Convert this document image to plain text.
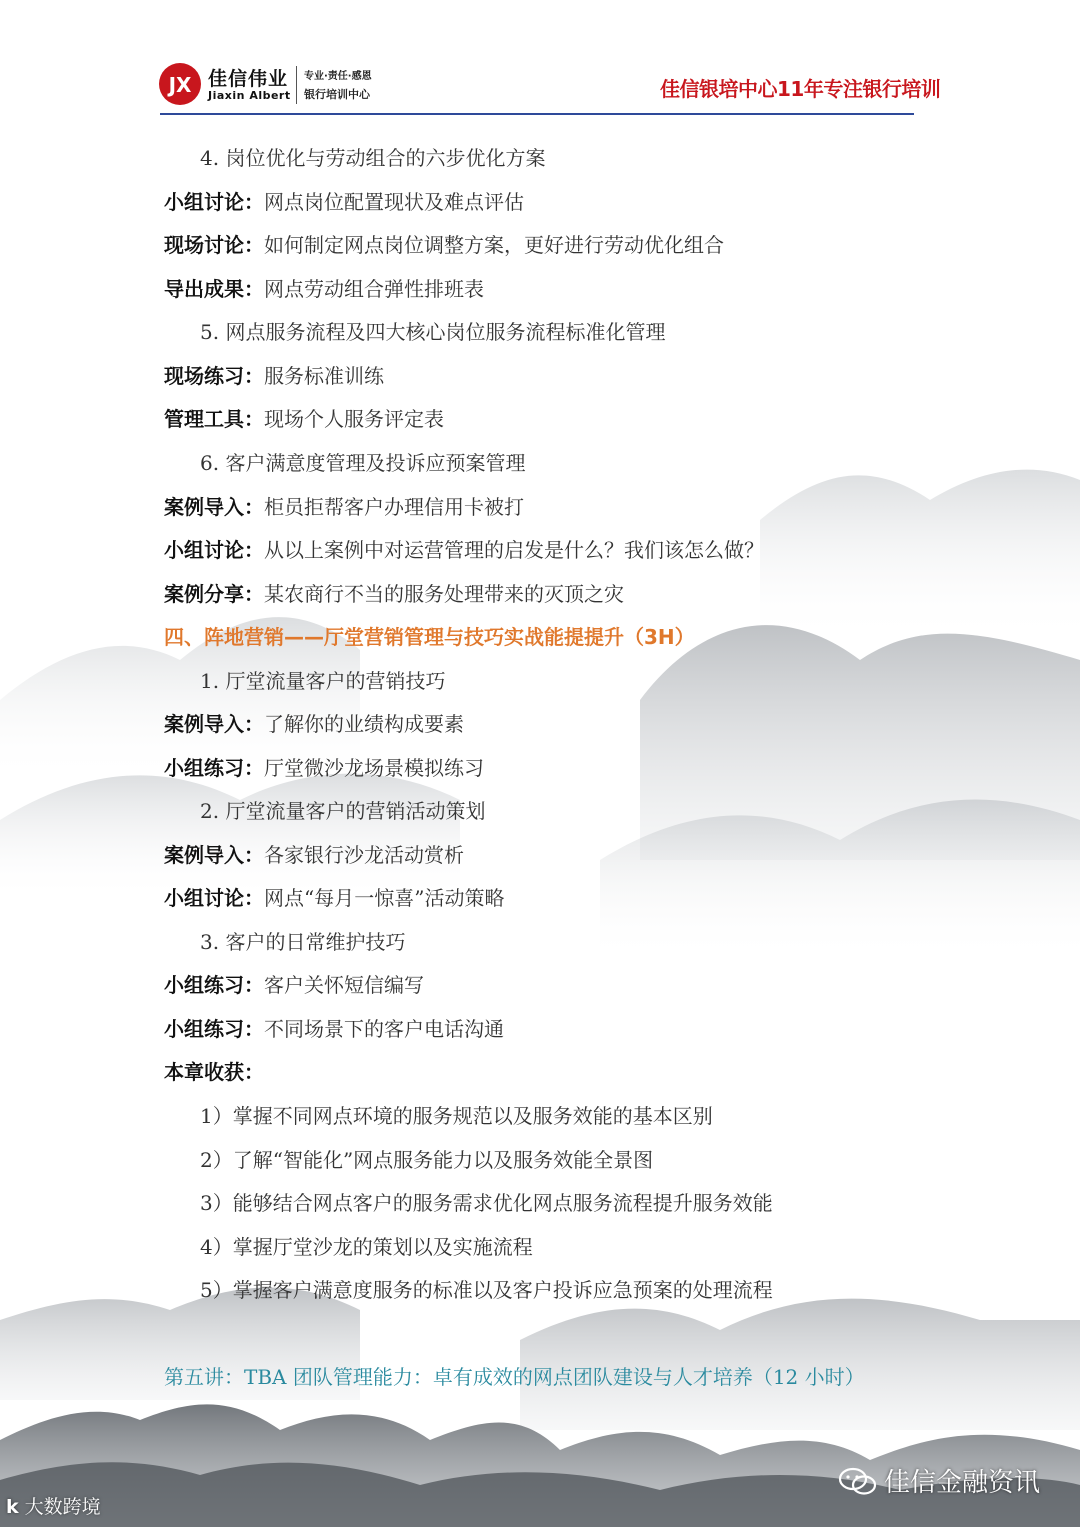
JX 佳信伟业
Jiaxin Albert
专业·责任·感恩
银行培训中心	佳信银培中心11年专注银行培训
4. 岗位优化与劳动组合的六步优化方案
小组讨论：网点岗位配置现状及难点评估
现场讨论：如何制定网点岗位调整方案，更好进行劳动优化组合
导出成果：网点劳动组合弹性排班表
5. 网点服务流程及四大核心岗位服务流程标准化管理
现场练习：服务标准训练
管理工具：现场个人服务评定表
6. 客户满意度管理及投诉应预案管理
案例导入：柜员拒帮客户办理信用卡被打
小组讨论：从以上案例中对运营管理的启发是什么？我们该怎么做？
案例分享：某农商行不当的服务处理带来的灭顶之灾
四、阵地营销——厅堂营销管理与技巧实战能提提升（3H）
1. 厅堂流量客户的营销技巧
案例导入：了解你的业绩构成要素
小组练习：厅堂微沙龙场景模拟练习
2. 厅堂流量客户的营销活动策划
案例导入：各家银行沙龙活动赏析
小组讨论：网点“每月一惊喜”活动策略
3. 客户的日常维护技巧
小组练习：客户关怀短信编写
小组练习：不同场景下的客户电话沟通
本章收获：
1）掌握不同网点环境的服务规范以及服务效能的基本区别
2）了解“智能化”网点服务能力以及服务效能全景图
3）能够结合网点客户的服务需求优化网点服务流程提升服务效能
4）掌握厅堂沙龙的策划以及实施流程
5）掌握客户满意度服务的标准以及客户投诉应急预案的处理流程
第五讲：TBA 团队管理能力：卓有成效的网点团队建设与人才培养（12 小时）
k 大数跨境
佳信金融资讯
